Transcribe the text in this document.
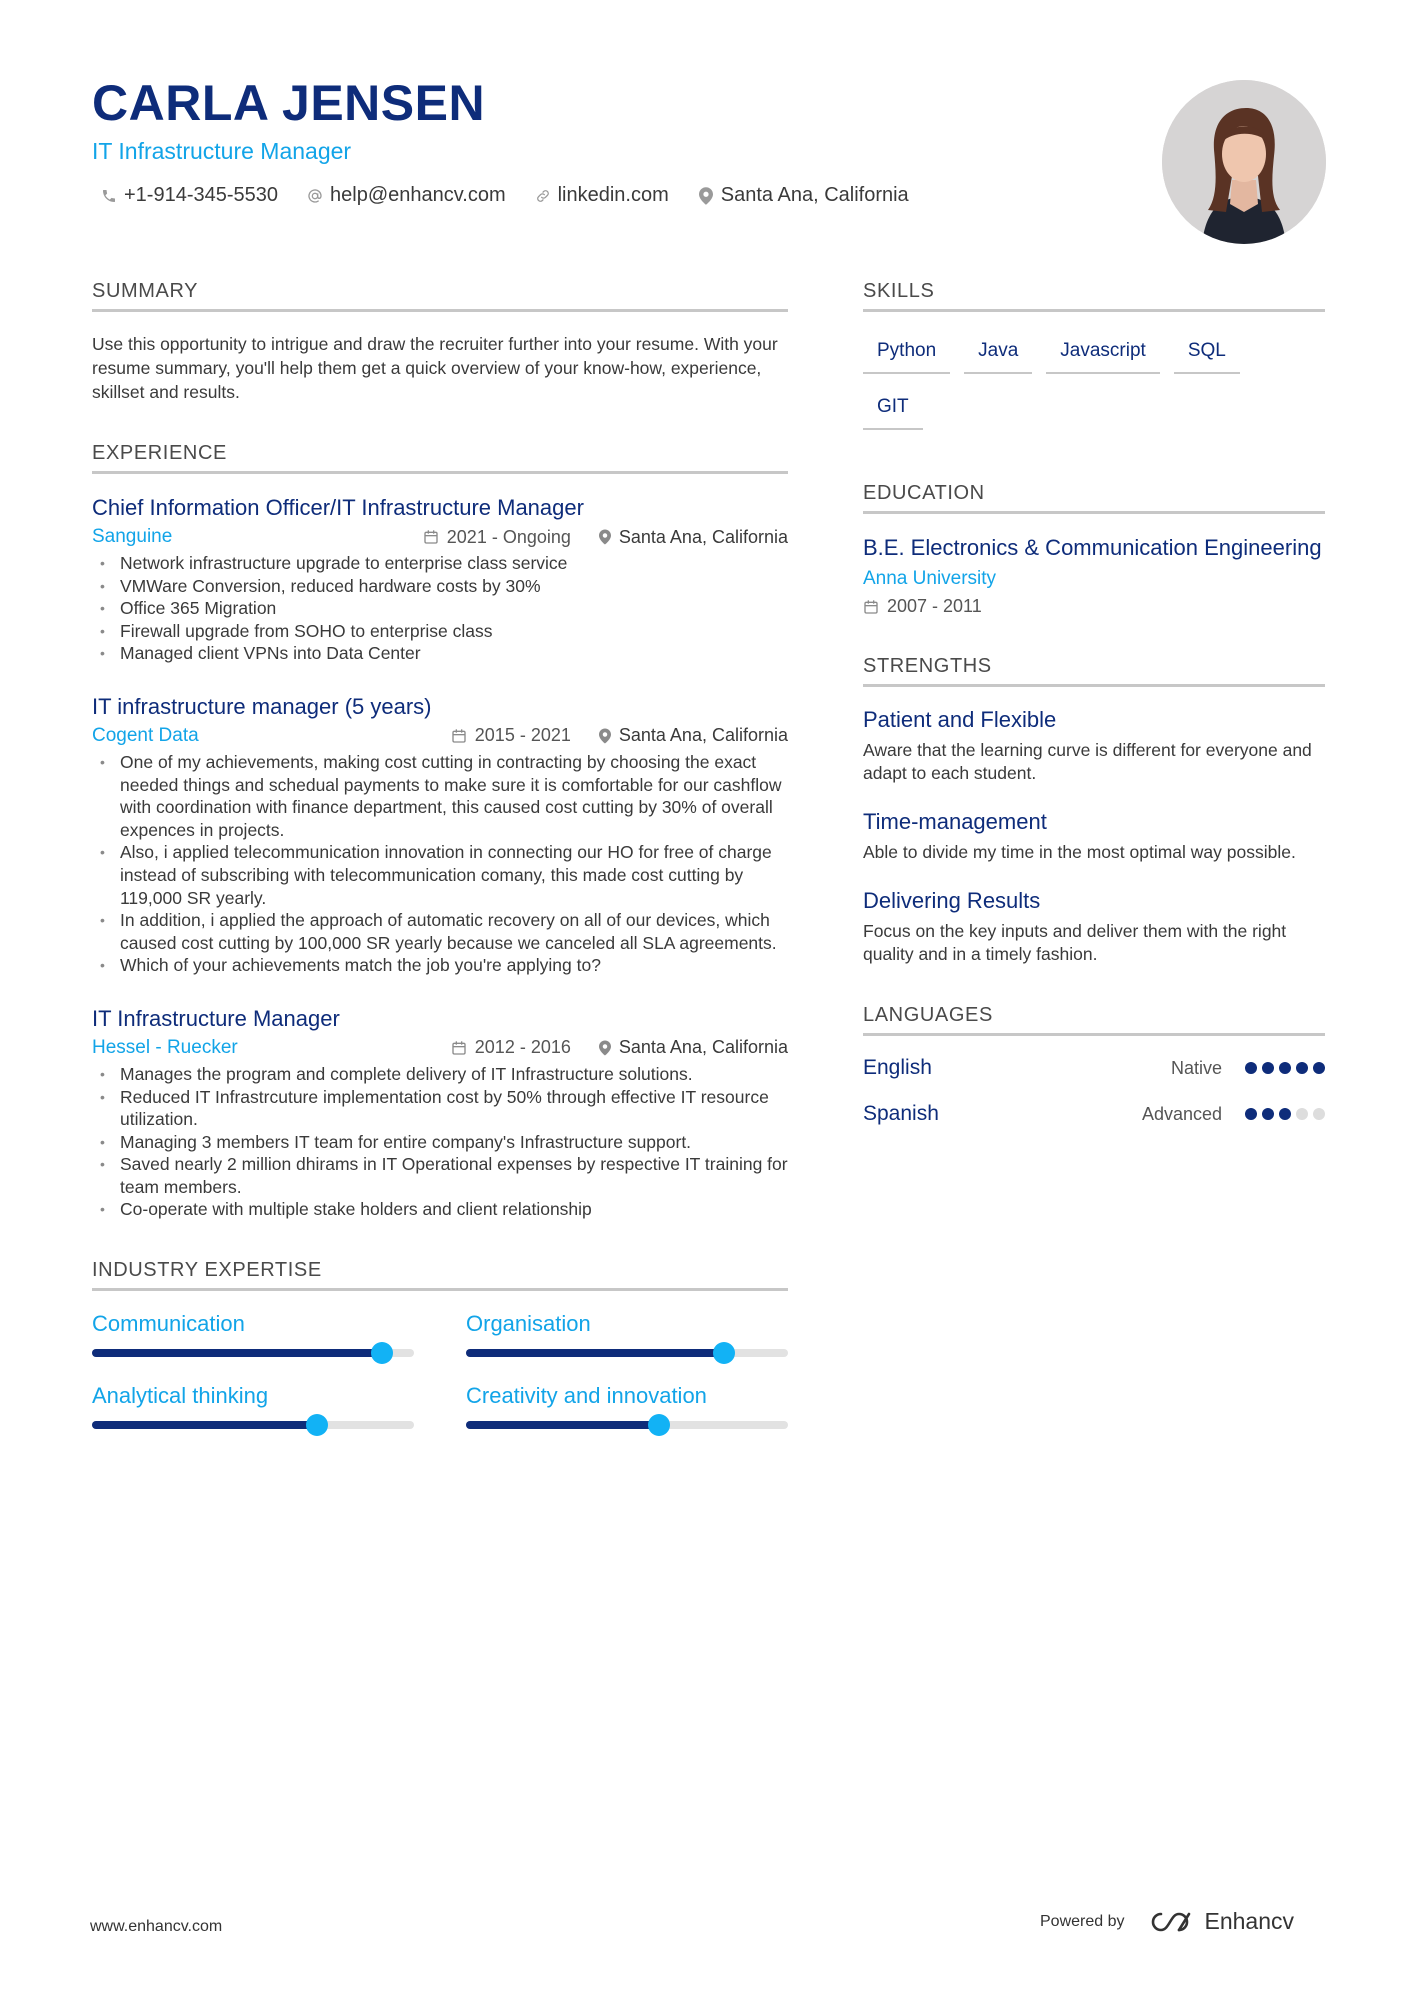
CARLA JENSEN
IT Infrastructure Manager
+1-914-345-5530	help@enhancv.com	linkedin.com	Santa Ana, California
SUMMARY
Use this opportunity to intrigue and draw the recruiter further into your resume. With your resume summary, you'll help them get a quick overview of your know-how, experience, skillset and results.
EXPERIENCE
Chief Information Officer/IT Infrastructure Manager
Sanguine	2021 - Ongoing	Santa Ana, California
• Network infrastructure upgrade to enterprise class service
• VMWare Conversion, reduced hardware costs by 30%
• Office 365 Migration
• Firewall upgrade from SOHO to enterprise class
• Managed client VPNs into Data Center
IT infrastructure manager (5 years)
Cogent Data	2015 - 2021	Santa Ana, California
• One of my achievements, making cost cutting in contracting by choosing the exact needed things and schedual payments to make sure it is comfortable for our cashflow with coordination with finance department, this caused cost cutting by 30% of overall expences in projects.
• Also, i applied telecommunication innovation in connecting our HO for free of charge instead of subscribing with telecommunication comany, this made cost cutting by 119,000 SR yearly.
• In addition, i applied the approach of automatic recovery on all of our devices, which caused cost cutting by 100,000 SR yearly because we canceled all SLA agreements.
• Which of your achievements match the job you're applying to?
IT Infrastructure Manager
Hessel - Ruecker	2012 - 2016	Santa Ana, California
• Manages the program and complete delivery of IT Infrastructure solutions.
• Reduced IT Infrastrcuture implementation cost by 50% through effective IT resource utilization.
• Managing 3 members IT team for entire company's Infrastructure support.
• Saved nearly 2 million dhirams in IT Operational expenses by respective IT training for team members.
• Co-operate with multiple stake holders and client relationship
INDUSTRY EXPERTISE
Communication	Organisation
Analytical thinking	Creativity and innovation
SKILLS
Python	Java	Javascript	SQL
GIT
EDUCATION
B.E. Electronics & Communication Engineering
Anna University
2007 - 2011
STRENGTHS
Patient and Flexible
Aware that the learning curve is different for everyone and adapt to each student.
Time-management
Able to divide my time in the most optimal way possible.
Delivering Results
Focus on the key inputs and deliver them with the right quality and in a timely fashion.
LANGUAGES
English	Native
Spanish	Advanced
www.enhancv.com	Powered by	Enhancv
